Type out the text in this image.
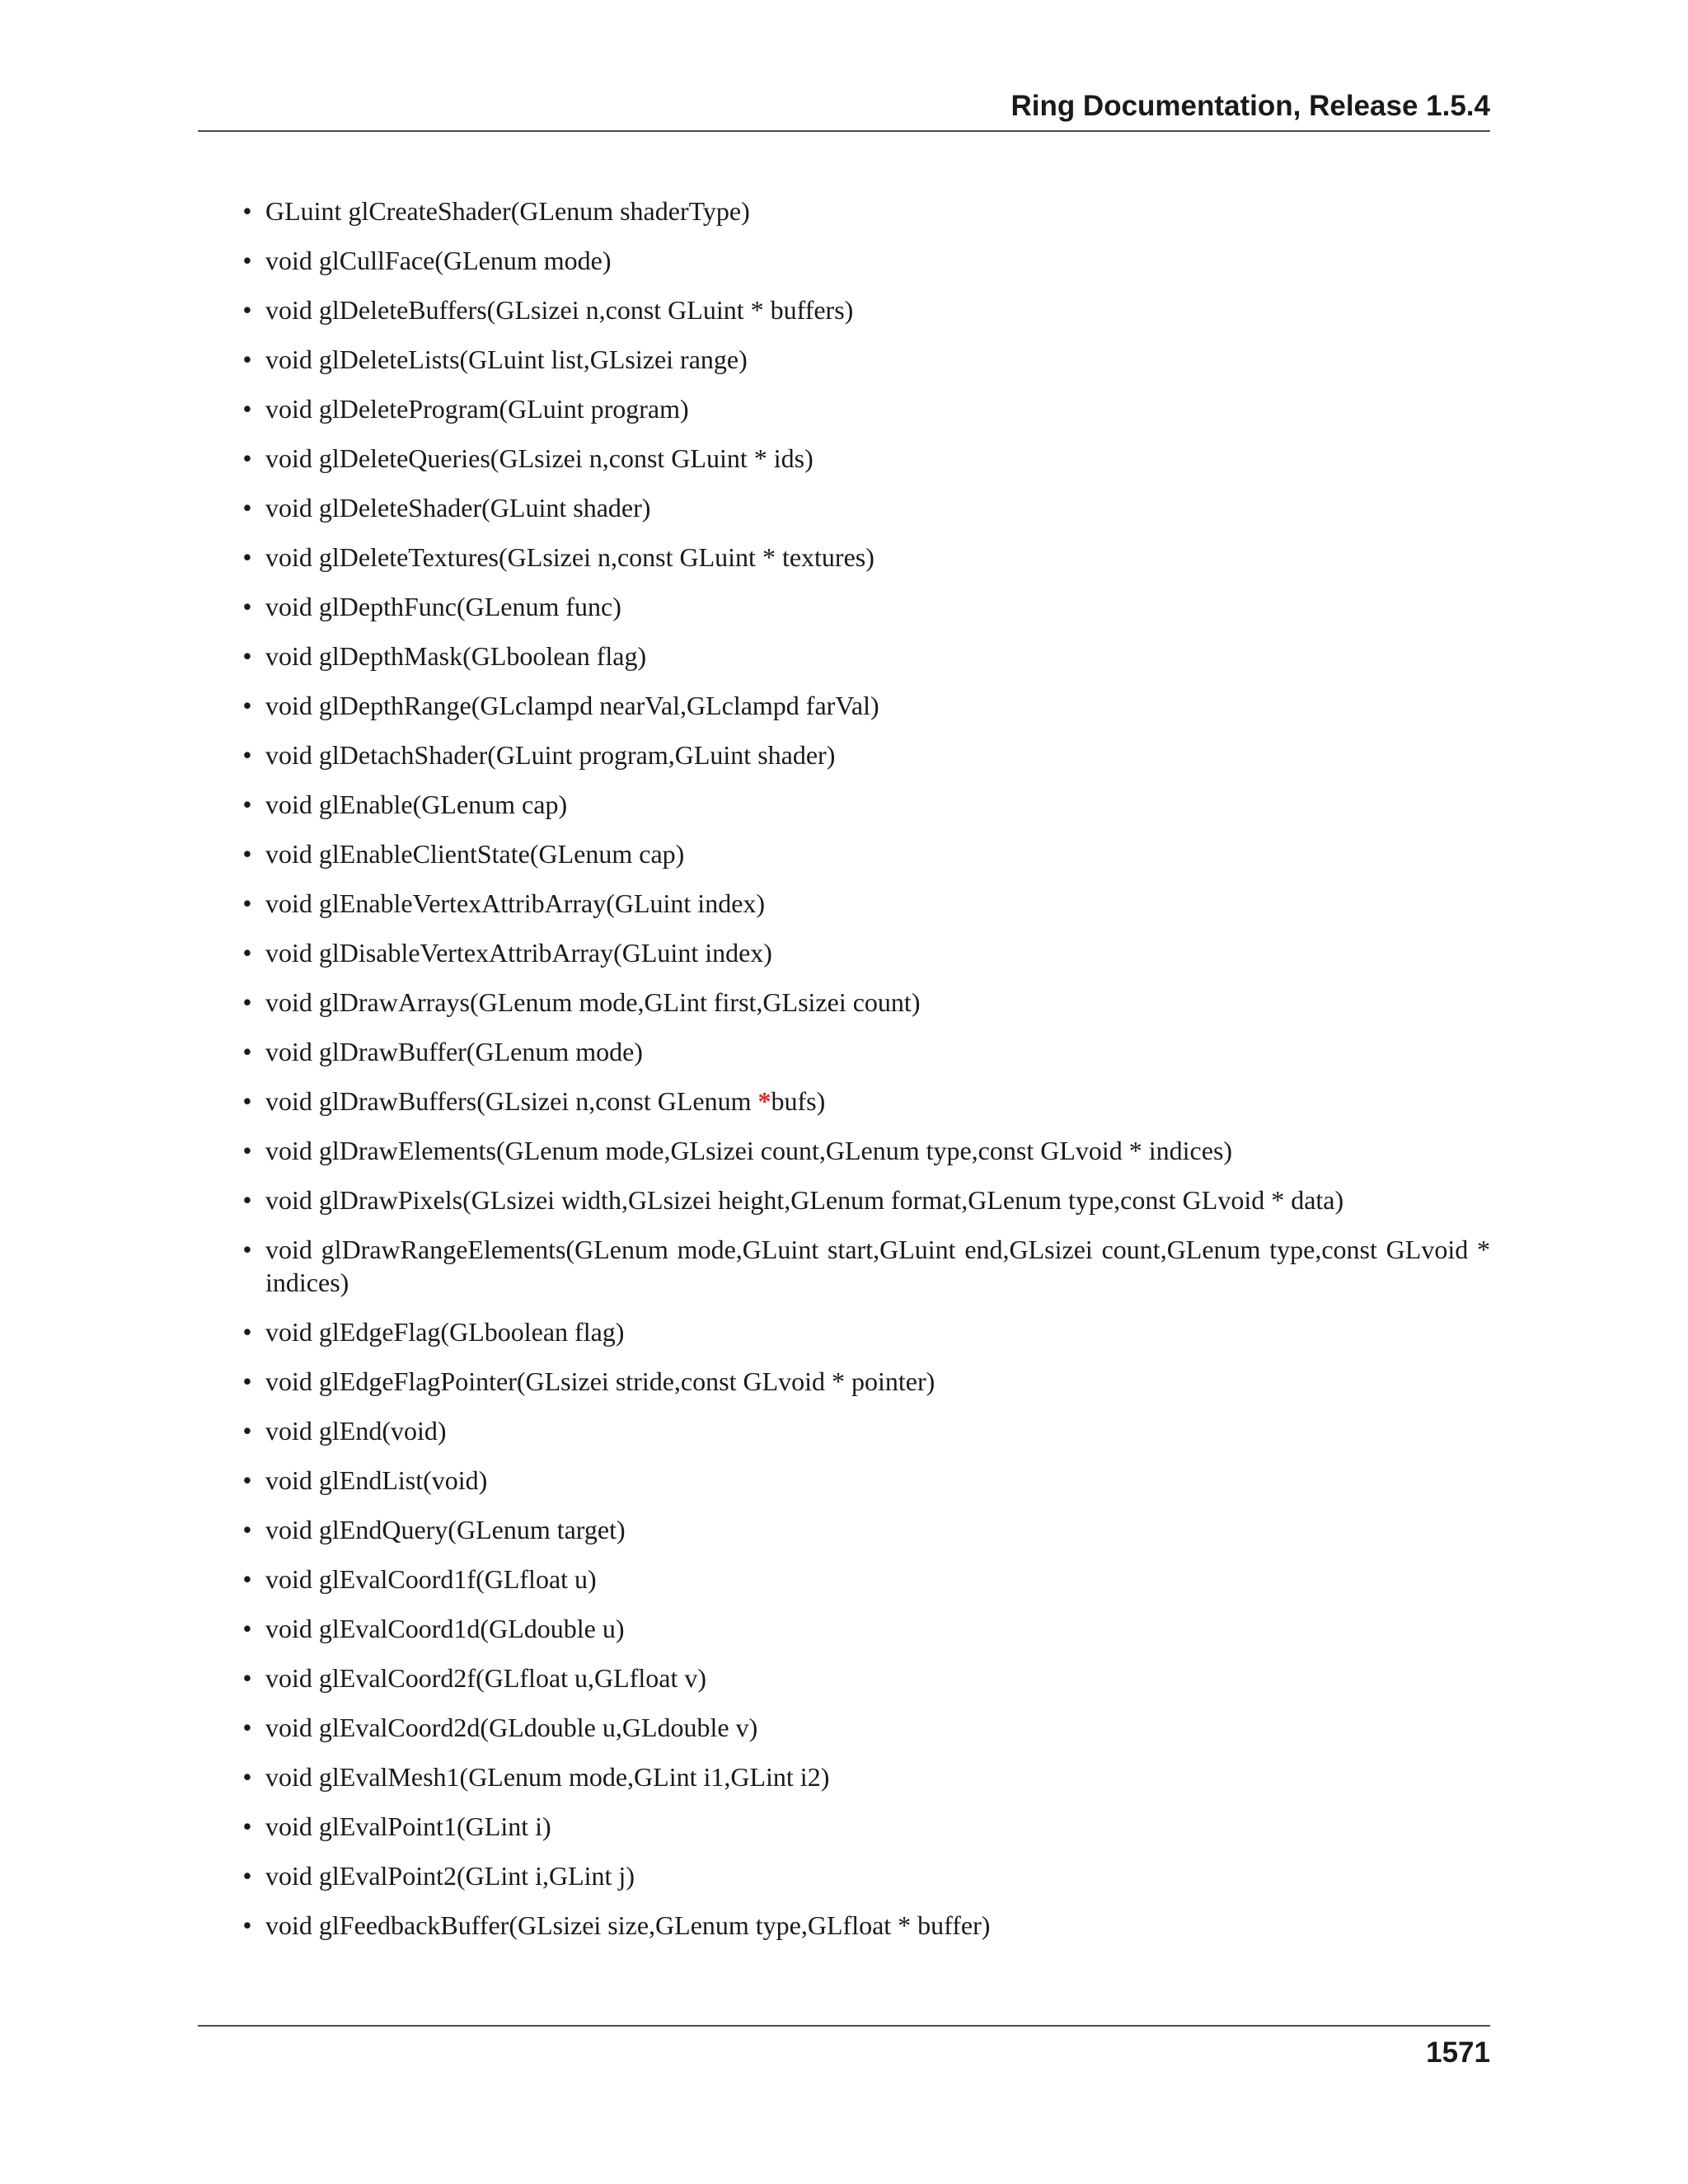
Ring Documentation, Release 1.5.4
• GLuint glCreateShader(GLenum shaderType)
• void glCullFace(GLenum mode)
• void glDeleteBuffers(GLsizei n,const GLuint * buffers)
• void glDeleteLists(GLuint list,GLsizei range)
• void glDeleteProgram(GLuint program)
• void glDeleteQueries(GLsizei n,const GLuint * ids)
• void glDeleteShader(GLuint shader)
• void glDeleteTextures(GLsizei n,const GLuint * textures)
• void glDepthFunc(GLenum func)
• void glDepthMask(GLboolean flag)
• void glDepthRange(GLclampd nearVal,GLclampd farVal)
• void glDetachShader(GLuint program,GLuint shader)
• void glEnable(GLenum cap)
• void glEnableClientState(GLenum cap)
• void glEnableVertexAttribArray(GLuint index)
• void glDisableVertexAttribArray(GLuint index)
• void glDrawArrays(GLenum mode,GLint first,GLsizei count)
• void glDrawBuffer(GLenum mode)
• void glDrawBuffers(GLsizei n,const GLenum *bufs)
• void glDrawElements(GLenum mode,GLsizei count,GLenum type,const GLvoid * indices)
• void glDrawPixels(GLsizei width,GLsizei height,GLenum format,GLenum type,const GLvoid * data)
• void glDrawRangeElements(GLenum mode,GLuint start,GLuint end,GLsizei count,GLenum type,const GLvoid * indices)
• void glEdgeFlag(GLboolean flag)
• void glEdgeFlagPointer(GLsizei stride,const GLvoid * pointer)
• void glEnd(void)
• void glEndList(void)
• void glEndQuery(GLenum target)
• void glEvalCoord1f(GLfloat u)
• void glEvalCoord1d(GLdouble u)
• void glEvalCoord2f(GLfloat u,GLfloat v)
• void glEvalCoord2d(GLdouble u,GLdouble v)
• void glEvalMesh1(GLenum mode,GLint i1,GLint i2)
• void glEvalPoint1(GLint i)
• void glEvalPoint2(GLint i,GLint j)
• void glFeedbackBuffer(GLsizei size,GLenum type,GLfloat * buffer)
1571
